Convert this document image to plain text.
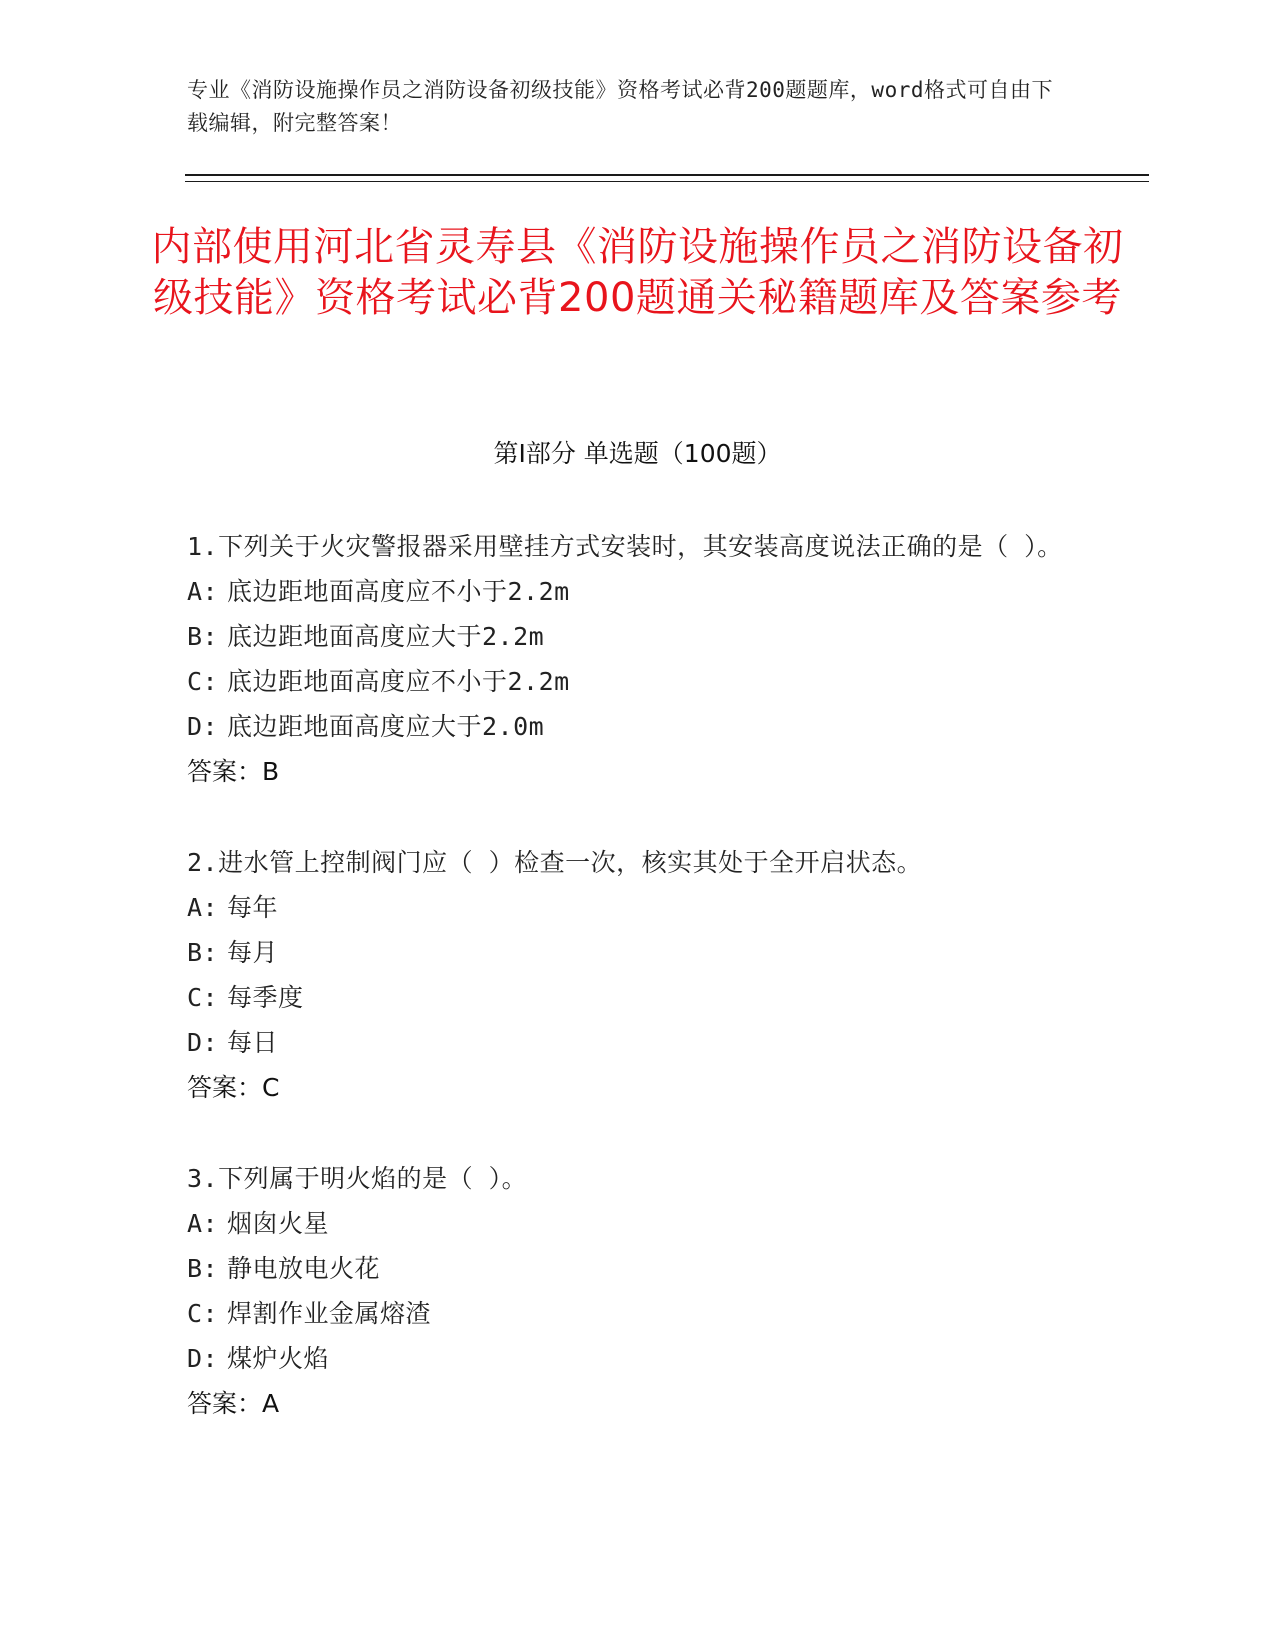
专业《消防设施操作员之消防设备初级技能》资格考试必背200题题库，word格式可自由下载编辑，附完整答案！
内部使用河北省灵寿县《消防设施操作员之消防设备初级技能》资格考试必背200题通关秘籍题库及答案参考
第Ⅰ部分 单选题（100题）
1.下列关于火灾警报器采用壁挂方式安装时，其安装高度说法正确的是（ ）。
A: 底边距地面高度应不小于2.2m
B: 底边距地面高度应大于2.2m
C: 底边距地面高度应不小于2.2m
D: 底边距地面高度应大于2.0m
答案：B
2.进水管上控制阀门应（ ）检查一次，核实其处于全开启状态。
A: 每年
B: 每月
C: 每季度
D: 每日
答案：C
3.下列属于明火焰的是（ ）。
A: 烟囱火星
B: 静电放电火花
C: 焊割作业金属熔渣
D: 煤炉火焰
答案：A
